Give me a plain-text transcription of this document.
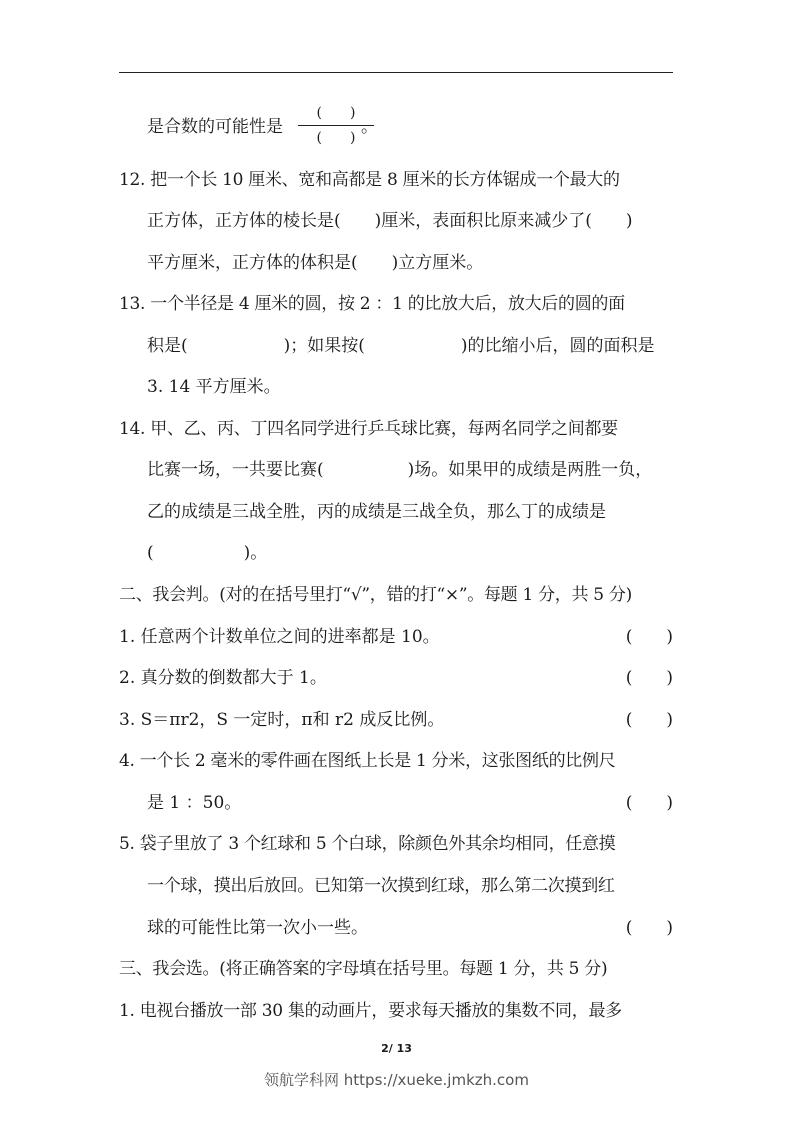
是合数的可能性是	。
(　　)
(　　)
12. 把一个长 10 厘米、宽和高都是 8 厘米的长方体锯成一个最大的
正方体，正方体的棱长是( )厘米，表面积比原来减少了( )
平方厘米，正方体的体积是( )立方厘米。
13. 一个半径是 4 厘米的圆，按 2 ：1 的比放大后，放大后的圆的面
积是(	)；如果按(	)的比缩小后，圆的面积是
3. 14 平方厘米。
14. 甲、乙、丙、丁四名同学进行乒乓球比赛，每两名同学之间都要
比赛一场，一共要比赛(	)场。如果甲的成绩是两胜一负，
乙的成绩是三战全胜，丙的成绩是三战全负，那么丁的成绩是
(	)。
二、我会判。(对的在括号里打“√”，错的打“×”。每题 1 分，共 5 分)
1. 任意两个计数单位之间的进率都是 10。	(　　)
2. 真分数的倒数都大于 1。	(　　)
3. S＝πr2，S 一定时，π和 r2 成反比例。	(　　)
4. 一个长 2 毫米的零件画在图纸上长是 1 分米，这张图纸的比例尺
是 1 ：50。	(　　)
5. 袋子里放了 3 个红球和 5 个白球，除颜色外其余均相同，任意摸
一个球，摸出后放回。已知第一次摸到红球，那么第二次摸到红
球的可能性比第一次小一些。	(　　)
三、我会选。(将正确答案的字母填在括号里。每题 1 分，共 5 分)
1. 电视台播放一部 30 集的动画片，要求每天播放的集数不同，最多
2/ 13
领航学科网 https://xueke.jmkzh.com
